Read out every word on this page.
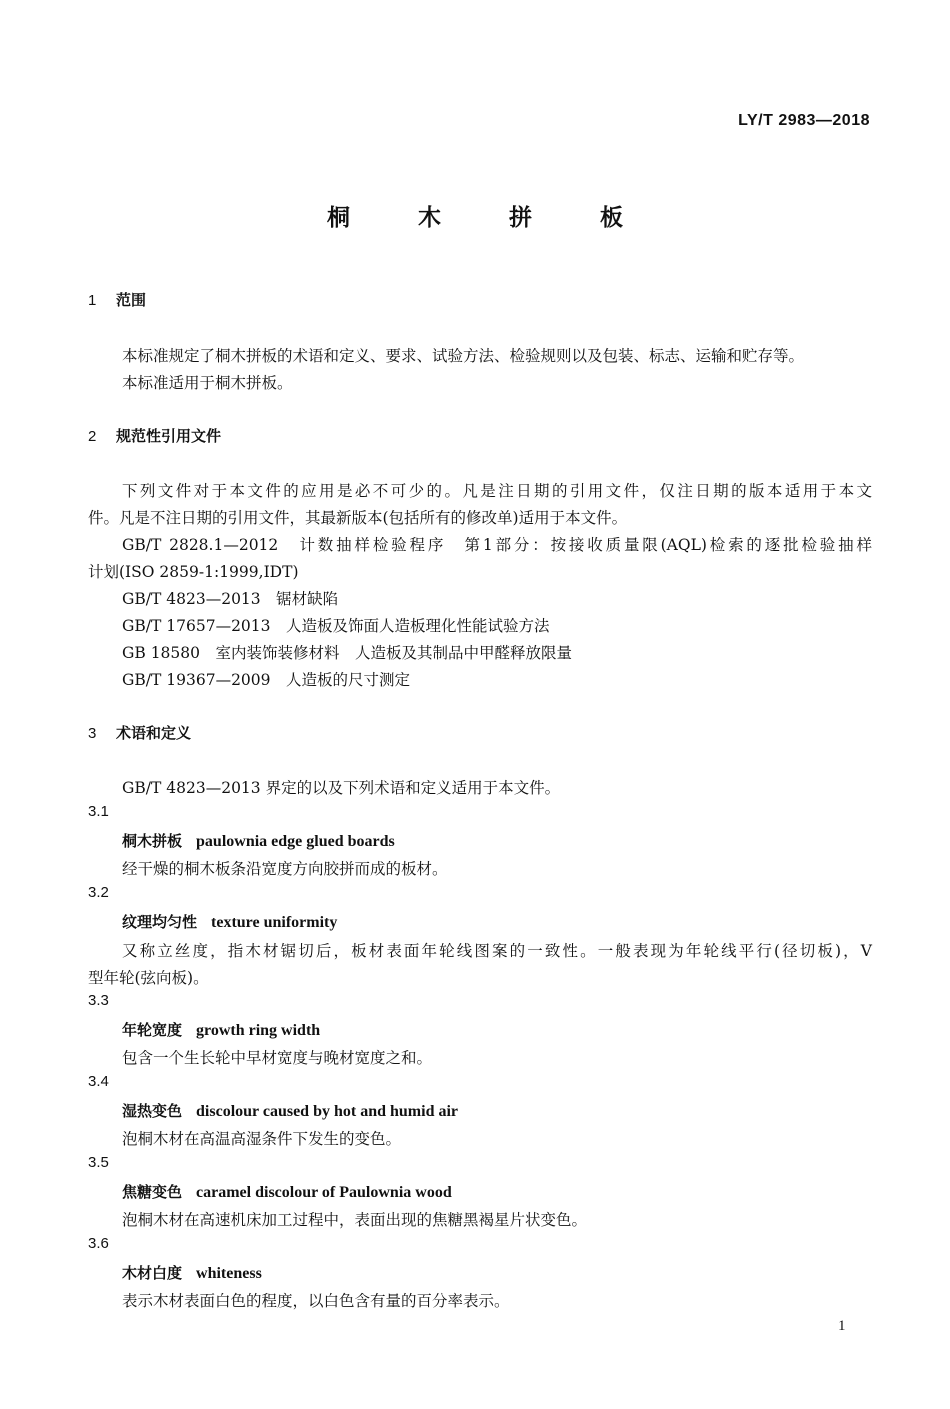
LY/T 2983—2018
桐 木 拼 板
1 范围
本标准规定了桐木拼板的术语和定义、要求、试验方法、检验规则以及包装、标志、运输和贮存等。
本标准适用于桐木拼板。
2 规范性引用文件
下列文件对于本文件的应用是必不可少的。凡是注日期的引用文件，仅注日期的版本适用于本文
件。凡是不注日期的引用文件，其最新版本(包括所有的修改单)适用于本文件。
GB/T 2828.1—2012　 计数抽样检验程序　第1部分：按接收质量限(AQL)检索的逐批检验抽样
计划(ISO 2859-1:1999,IDT)
GB/T 4823—2013　 锯材缺陷
GB/T 17657—2013　 人造板及饰面人造板理化性能试验方法
GB 18580　 室内装饰装修材料　人造板及其制品中甲醛释放限量
GB/T 19367—2009　 人造板的尺寸测定
3 术语和定义
GB/T 4823—2013 界定的以及下列术语和定义适用于本文件。
3.1
桐木拼板 paulownia edge glued boards
经干燥的桐木板条沿宽度方向胶拼而成的板材。
3.2
纹理均匀性 texture uniformity
又称立丝度，指木材锯切后，板材表面年轮线图案的一致性。一般表现为年轮线平行(径切板)，V
型年轮(弦向板)。
3.3
年轮宽度 growth ring width
包含一个生长轮中早材宽度与晚材宽度之和。
3.4
湿热变色 discolour caused by hot and humid air
泡桐木材在高温高湿条件下发生的变色。
3.5
焦糖变色 caramel discolour of Paulownia wood
泡桐木材在高速机床加工过程中，表面出现的焦糖黑褐星片状变色。
3.6
木材白度 whiteness
表示木材表面白色的程度，以白色含有量的百分率表示。
1
